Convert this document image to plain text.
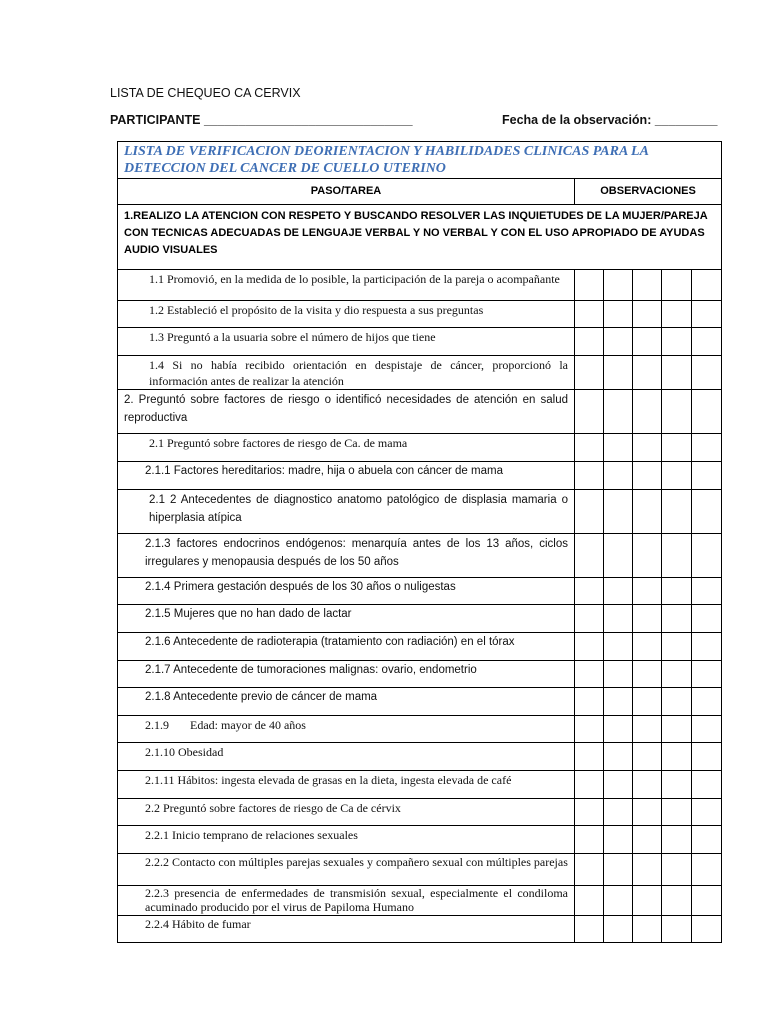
LISTA DE CHEQUEO CA CERVIX
PARTICIPANTE ______________________________	Fecha de la observación: _________
LISTA DE VERIFICACION DEORIENTACION Y HABILIDADES CLINICAS PARA LA DETECCION DEL CANCER DE CUELLO UTERINO					
PASO/TAREA	OBSERVACIONES				
1.REALIZO LA ATENCION CON RESPETO Y BUSCANDO RESOLVER LAS INQUIETUDES DE LA MUJER/PAREJA CON TECNICAS ADECUADAS DE LENGUAJE VERBAL Y NO VERBAL Y CON EL USO APROPIADO DE AYUDAS AUDIO VISUALES					
1.1 Promovió, en la medida de lo posible, la participación de la pareja o acompañante					
1.2 Estableció el propósito de la visita y dio respuesta a sus preguntas					
1.3 Preguntó a la usuaria sobre el número de hijos que tiene					
1.4 Si no había recibido orientación en despistaje de cáncer, proporcionó la información antes de realizar la atención					
2. Preguntó sobre factores de riesgo o identificó necesidades de atención en salud reproductiva					
2.1 Preguntó sobre factores de riesgo de Ca. de mama					
2.1.1 Factores hereditarios: madre, hija o abuela con cáncer de mama					
2.1 2 Antecedentes de diagnostico anatomo patológico de displasia mamaria o hiperplasia atípica					
2.1.3 factores endocrinos endógenos: menarquía antes de los 13 años, ciclos irregulares y menopausia después de los 50 años					
2.1.4 Primera gestación después de los 30 años o nuligestas					
2.1.5 Mujeres que no han dado de lactar					
2.1.6 Antecedente de radioterapia (tratamiento con radiación) en el tórax					
2.1.7 Antecedente de tumoraciones malignas: ovario, endometrio					
2.1.8 Antecedente previo de cáncer de mama					
2.1.9       Edad: mayor de 40 años					
2.1.10 Obesidad					
2.1.11 Hábitos: ingesta elevada de grasas en la dieta, ingesta elevada de café					
2.2 Preguntó sobre factores de riesgo de Ca de cérvix					
2.2.1 Inicio temprano de relaciones sexuales					
2.2.2 Contacto con múltiples parejas sexuales y compañero sexual con múltiples parejas					
2.2.3 presencia de enfermedades de transmisión sexual, especialmente el condiloma acuminado producido por el virus de Papiloma Humano					
2.2.4 Hábito de fumar					
